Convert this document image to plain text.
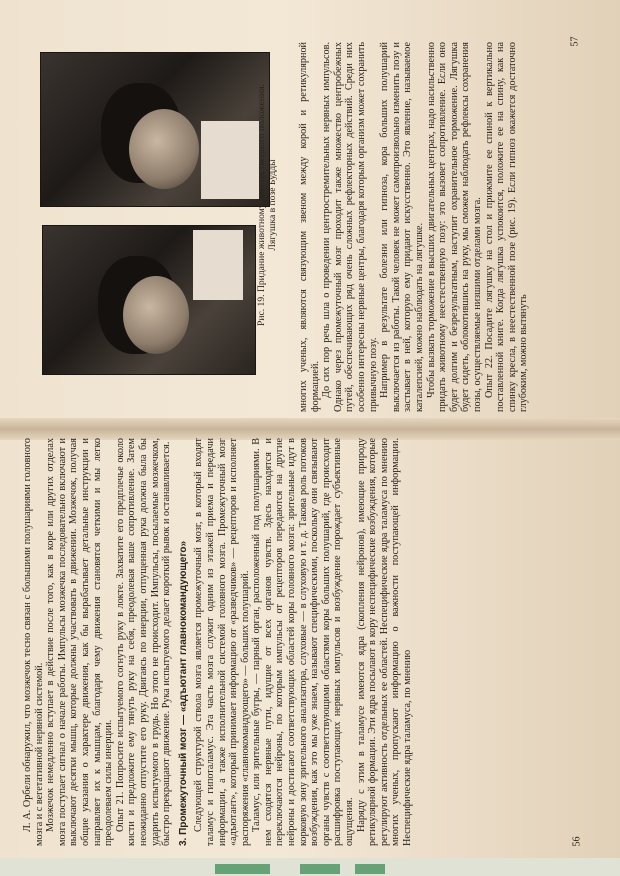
57
Рис. 19. Придание животному неестественного положения. Лягушка в позе Будды многих ученых, являются связующим звеном между корой и ретикулярной формацией. До сих пор речь шла о проведении центростремительных нервных импульсов. Однако через промежуточный мозг проходит также множество центробежных путей, обеспечивающих ряд очень сложных рефлекторных действий. Среди них особенно интересны нервные центры, благодаря которым организм может сохранить привычную позу. Например в результате болезни или гипноза, кора больших полушарий выключается из работы. Такой человек не может самопроизвольно изменить позу и застывает в ней, которую ему придают искусственно. Это явление, называемое каталепсией, можно наблюдать на лягушке. Чтобы вызвать торможение в высших двигательных центрах, надо насильственно придать животному неестественную позу: это вызовет сопротивление. Если оно будет долгим и безрезультатным, наступит охранительное торможение. Лягушка будет сидеть, облокотившись на руку, мы сможем наблюдать рефлексы сохранения позы, осуществляемые низшими отделами мозга. Опыт 22. Посадите лягушку на стол и прижмите ее спиной к вертикально поставленной книге. Когда лягушка успокоится, положите ее на спину, как на спинку кресла, в неестественной позе (рис. 19). Если гипноз окажется достаточно глубоким, можно вытянуть

Л. А. Орбели обнаружил, что мозжечок тесно связан с большими полушариями головного мозга и с вегетативной нервной системой. Мозжечок немедленно вступает в действие после того, как в коре или других отделах мозга поступает сигнал о начале работы. Импульсы мозжечка последовательно включают и выключают десятки мышц, которые должны участвовать в движении. Мозжечок, получая общие указания о характере движения, как бы вырабатывает детальные инструкции и направляет их к мышцам, благодаря чему движения становятся четкими и мы легко преодолеваем силы инерции. Опыт 21. Попросите испытуемого согнуть руку в локте. Захватите его предплечье около кисти и предложите ему тянуть руку на себя, преодолевая ваше сопротивление. Затем неожиданно отпустите его руку. Двигаясь по инерции, отпущенная рука должна была бы ударить испытуемого в грудь. Но этого не происходит. Импульсы, посылаемые мозжечком, быстро прекращают движение. Рука испытуемого делает короткий рывок и останавливается. 3. Промежуточный мозг — «адъютант главнокомандующего» Следующей структурой ствола мозга является промежуточный мозг, в который входят таламус и гипоталамус. Эта часть мозга служит одним из этажей приема и передачи информации, а также исполнительной системой головного мозга. Промежуточный мозг «адъютант», который принимает информацию от «разведчиков» — рецепторов и исполняет распоряжения «главнокомандующего» — больших полушарий. Таламус, или зрительные бугры, — парный орган, расположенный под полушариями. В нем сходятся нервные пути, идущие от всех органов чувств. Здесь находятся и переключаются нейроны, по которым импульсы от рецепторов передаются на другие нейроны и достигают соответствующих областей коры головного мозга: зрительные идут в корковую зону зрительного анализатора, слуховые — в слуховую и т. д. Такова роль потоков возбуждения, как это мы уже знаем, называют специфическими, поскольку они связывают органы чувств с соответствующими областями коры больших полушарий, где происходит расшифровка поступающих нервных импульсов и возбуждение порождает субъективные ощущения. Наряду с этим в таламусе имеются ядра (скопления нейронов), имеющие природу ретикулярной формации. Эти ядра посылают в кору неспецифические возбуждения, которые регулируют активность отдельных ее областей. Неспецифические ядра таламуса по мнению многих ученых, пропускают информацию о важности поступающей информации. Неспецифические ядра таламуса, по мнению	56
